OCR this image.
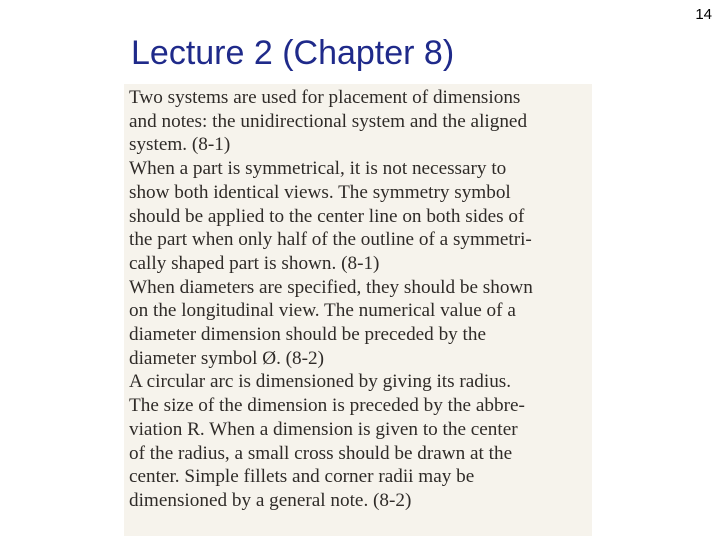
14
Lecture 2 (Chapter 8)
Two systems are used for placement of dimensions
and notes: the unidirectional system and the aligned
system. (8-1)
When a part is symmetrical, it is not necessary to
show both identical views. The symmetry symbol
should be applied to the center line on both sides of
the part when only half of the outline of a symmetri-
cally shaped part is shown. (8-1)
When diameters are specified, they should be shown
on the longitudinal view. The numerical value of a
diameter dimension should be preceded by the
diameter symbol Ø. (8-2)
A circular arc is dimensioned by giving its radius.
The size of the dimension is preceded by the abbre-
viation R. When a dimension is given to the center
of the radius, a small cross should be drawn at the
center. Simple fillets and corner radii may be
dimensioned by a general note. (8-2)
